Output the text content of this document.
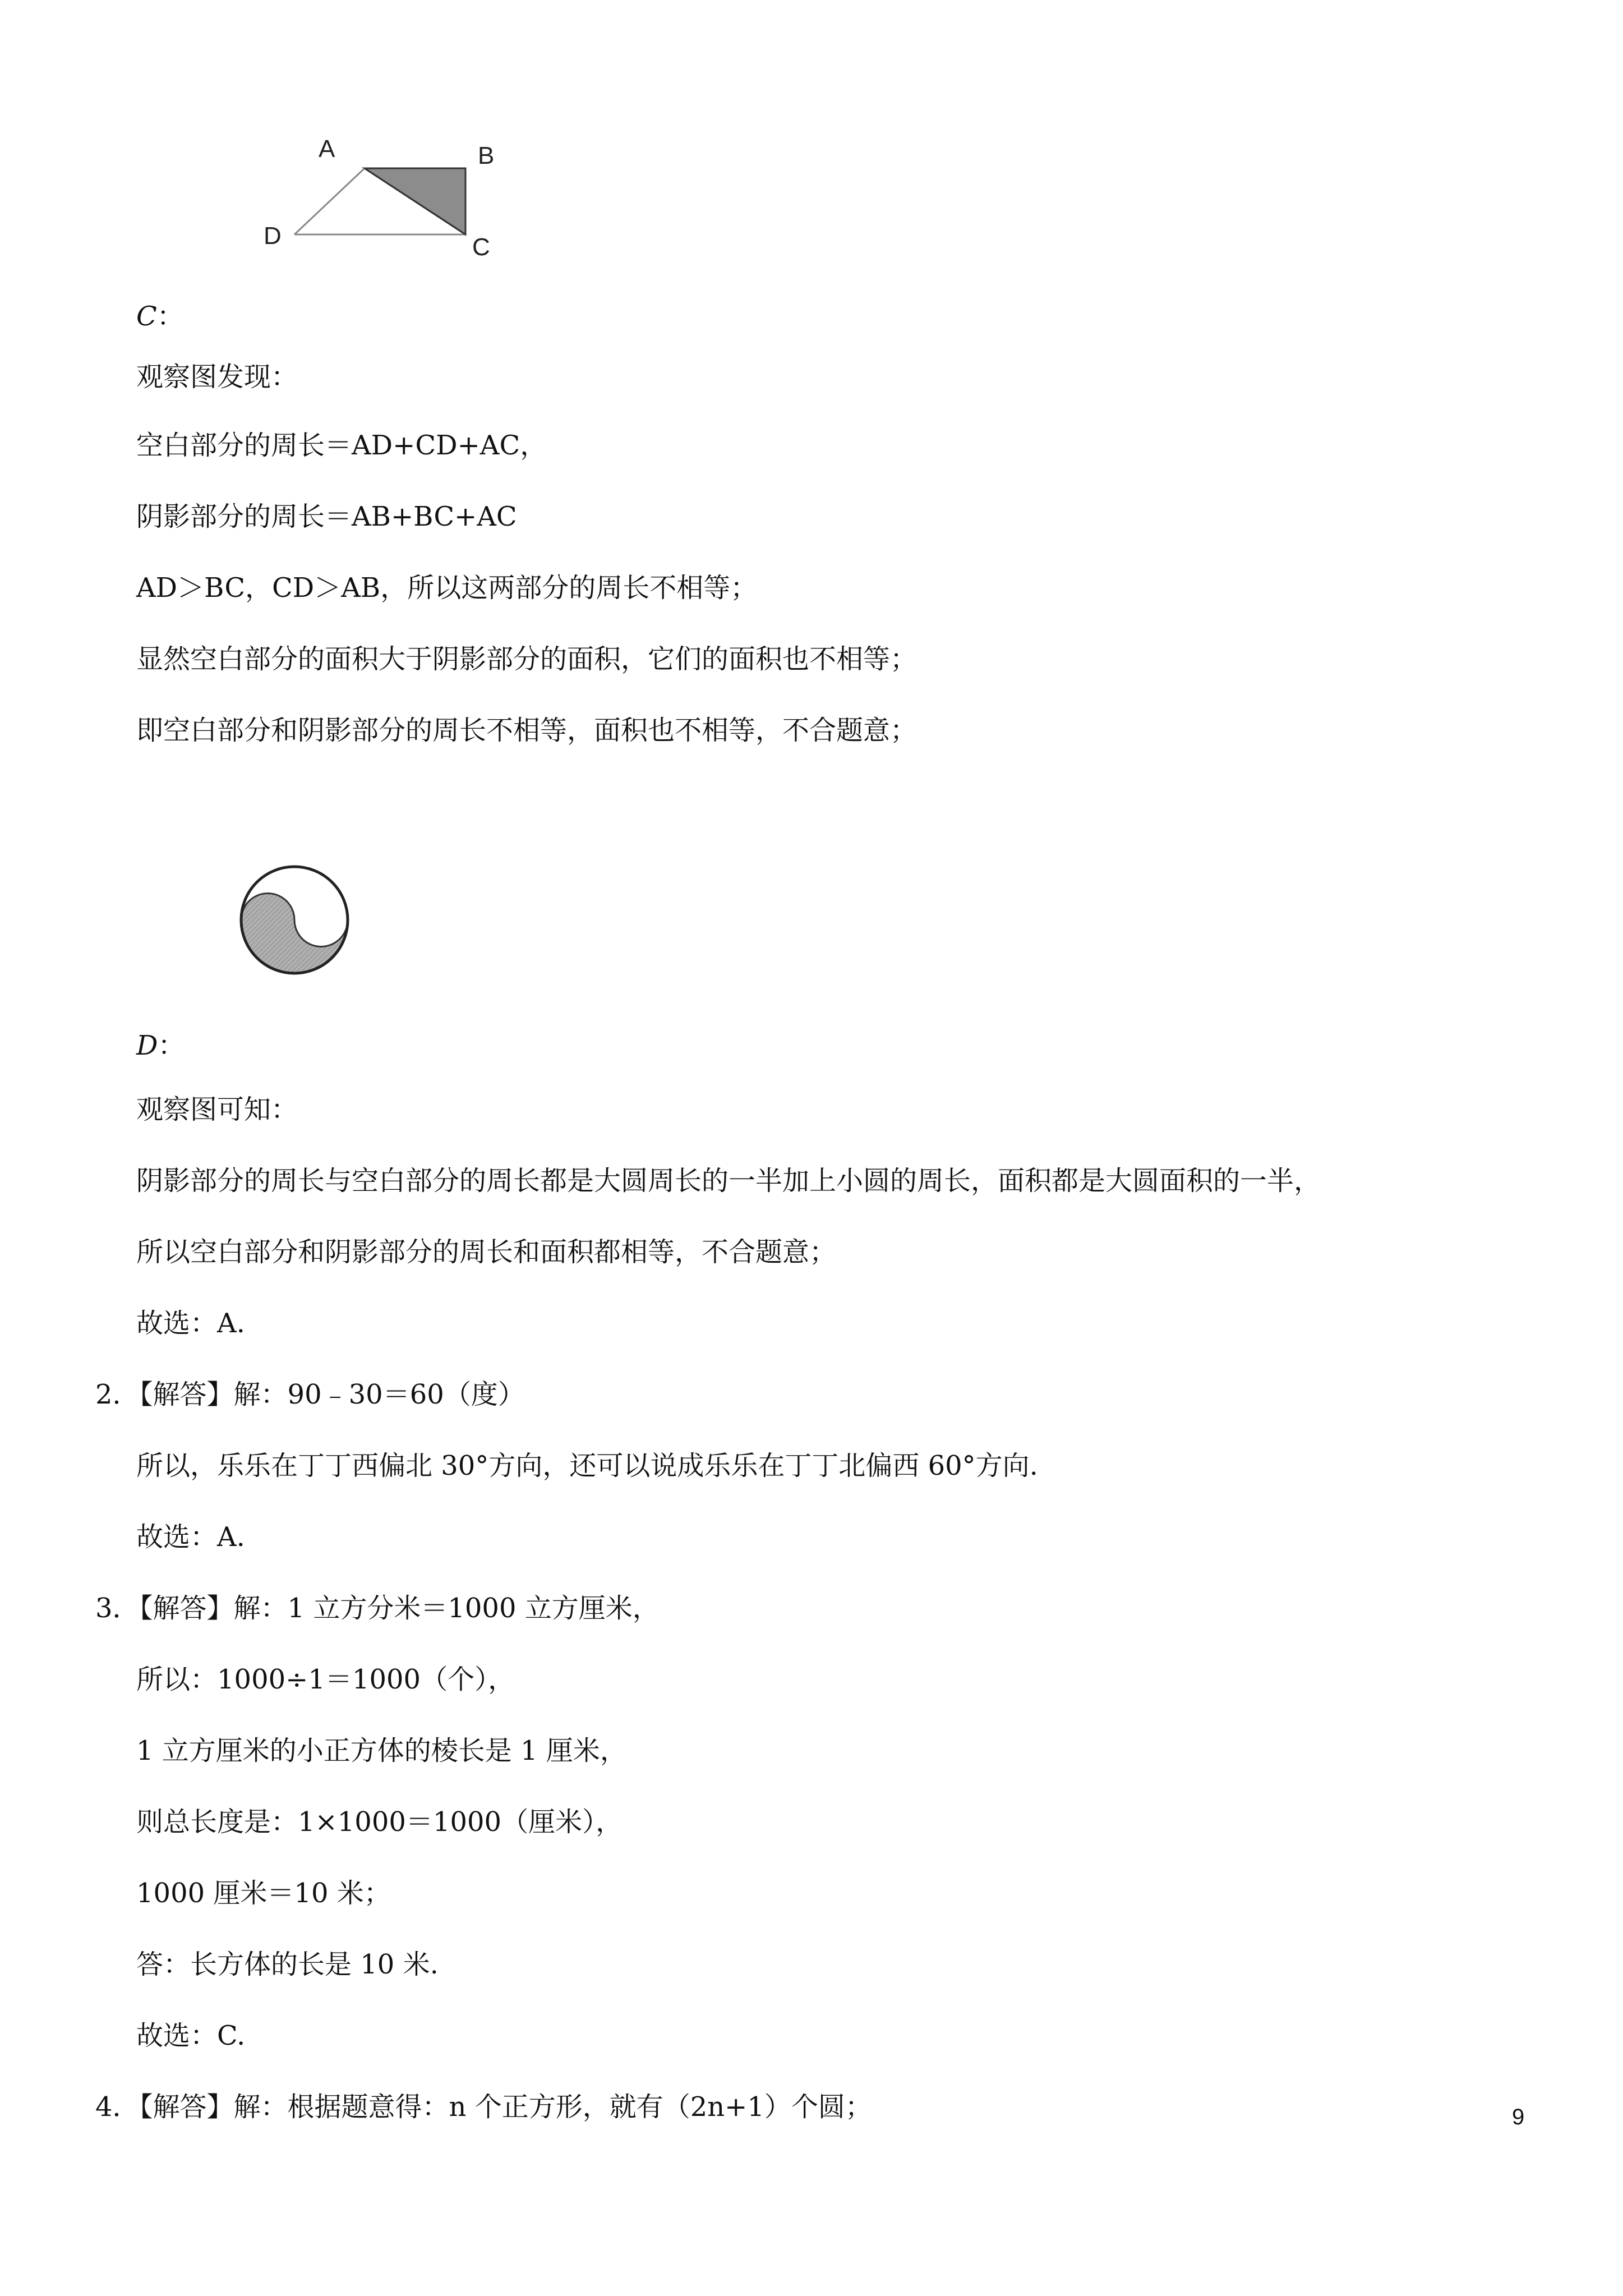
A	B
C
D
C：
观察图发现：
空白部分的周长＝AD+CD+AC，
阴影部分的周长＝AB+BC+AC
AD＞BC，CD＞AB，所以这两部分的周长不相等；
显然空白部分的面积大于阴影部分的面积，它们的面积也不相等；
即空白部分和阴影部分的周长不相等，面积也不相等，不合题意；
D：
观察图可知：
阴影部分的周长与空白部分的周长都是大圆周长的一半加上小圆的周长，面积都是大圆面积的一半，
所以空白部分和阴影部分的周长和面积都相等，不合题意；
故选：A.
2．【解答】解：90﹣30＝60（度）
所以，乐乐在丁丁西偏北 30°方向，还可以说成乐乐在丁丁北偏西 60°方向.
故选：A.
3．【解答】解：1 立方分米＝1000 立方厘米，
所以：1000÷1＝1000（个），
1 立方厘米的小正方体的棱长是 1 厘米，
则总长度是：1×1000＝1000（厘米），
1000 厘米＝10 米；
答：长方体的长是 10 米.
故选：C.
4．【解答】解：根据题意得：n 个正方形，就有（2n+1）个圆；	9
